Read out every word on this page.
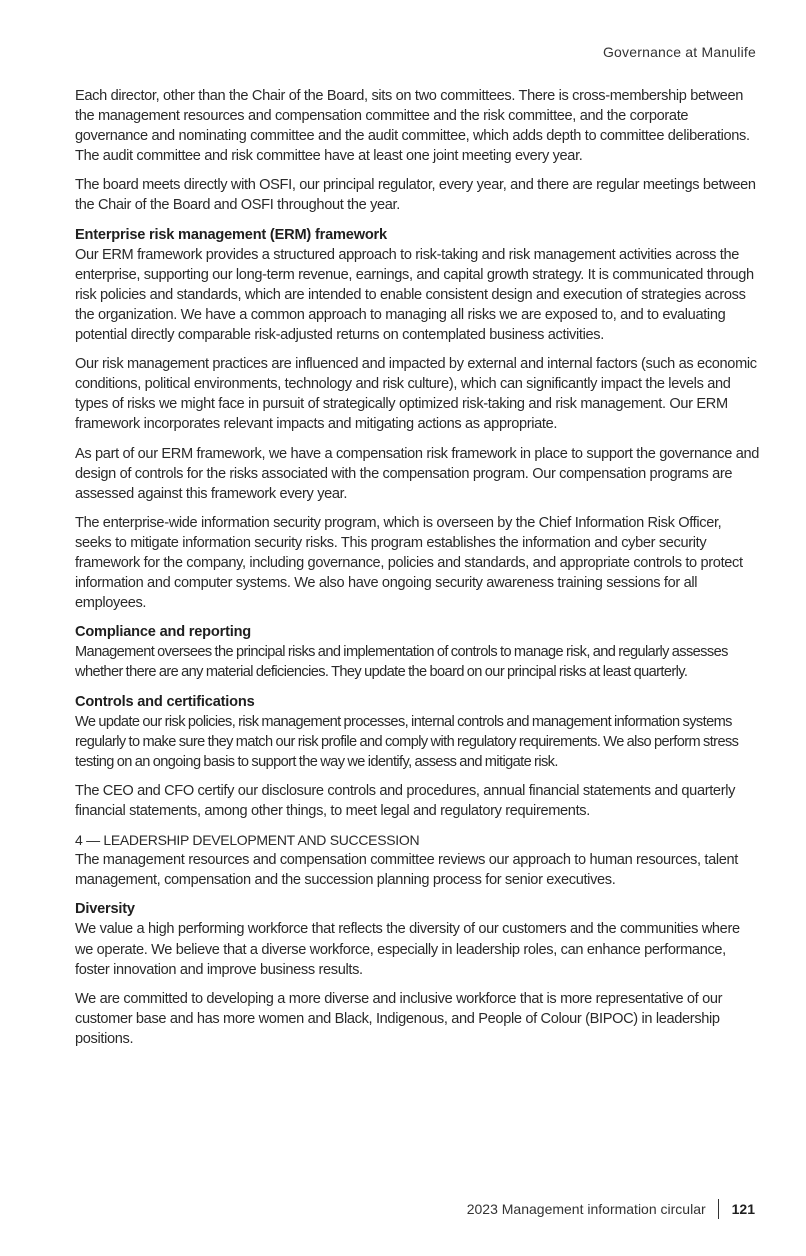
Governance at Manulife

Each director, other than the Chair of the Board, sits on two committees. There is cross-membership between the management resources and compensation committee and the risk committee, and the corporate governance and nominating committee and the audit committee, which adds depth to committee deliberations. The audit committee and risk committee have at least one joint meeting every year.

The board meets directly with OSFI, our principal regulator, every year, and there are regular meetings between the Chair of the Board and OSFI throughout the year.

Enterprise risk management (ERM) framework

Our ERM framework provides a structured approach to risk-taking and risk management activities across the enterprise, supporting our long-term revenue, earnings, and capital growth strategy. It is communicated through risk policies and standards, which are intended to enable consistent design and execution of strategies across the organization. We have a common approach to managing all risks we are exposed to, and to evaluating potential directly comparable risk-adjusted returns on contemplated business activities.

Our risk management practices are influenced and impacted by external and internal factors (such as economic conditions, political environments, technology and risk culture), which can significantly impact the levels and types of risks we might face in pursuit of strategically optimized risk-taking and risk management. Our ERM framework incorporates relevant impacts and mitigating actions as appropriate.

As part of our ERM framework, we have a compensation risk framework in place to support the governance and design of controls for the risks associated with the compensation program. Our compensation programs are assessed against this framework every year.

The enterprise-wide information security program, which is overseen by the Chief Information Risk Officer, seeks to mitigate information security risks. This program establishes the information and cyber security framework for the company, including governance, policies and standards, and appropriate controls to protect information and computer systems. We also have ongoing security awareness training sessions for all employees.

Compliance and reporting

Management oversees the principal risks and implementation of controls to manage risk, and regularly assesses whether there are any material deficiencies. They update the board on our principal risks at least quarterly.

Controls and certifications

We update our risk policies, risk management processes, internal controls and management information systems regularly to make sure they match our risk profile and comply with regulatory requirements. We also perform stress testing on an ongoing basis to support the way we identify, assess and mitigate risk.

The CEO and CFO certify our disclosure controls and procedures, annual financial statements and quarterly financial statements, among other things, to meet legal and regulatory requirements.

4 — LEADERSHIP DEVELOPMENT AND SUCCESSION

The management resources and compensation committee reviews our approach to human resources, talent management, compensation and the succession planning process for senior executives.

Diversity

We value a high performing workforce that reflects the diversity of our customers and the communities where we operate. We believe that a diverse workforce, especially in leadership roles, can enhance performance, foster innovation and improve business results.

We are committed to developing a more diverse and inclusive workforce that is more representative of our customer base and has more women and Black, Indigenous, and People of Colour (BIPOC) in leadership positions.

2023 Management information circular 121
